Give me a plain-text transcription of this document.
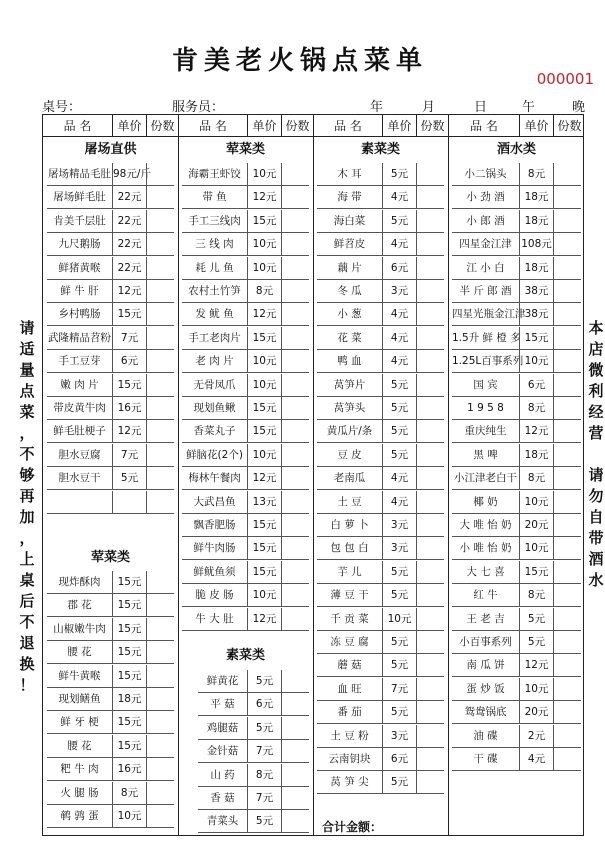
肯美老火锅点菜单
000001
桌号：	服务员：	年	月	日	午	晚
请
适
量
点
菜
，
不
够
再
加
，
上
桌
后
不
退
换
！
本
店
微
利
经
营
请
勿
自
带
酒
水
品 名	单价 份数	品 名	单价 份数	品 名	单价 份数	品 名	单价 份数
屠场直供
屠场精品毛肚 98元/斤
屠场鲜毛肚	22元
肯美千层肚	22元
九尺鹅肠	22元
鲜猪黄喉	22元
鲜 牛 肝	12元
乡村鸭肠	15元
武隆精品苕粉 7元
手工豆芽	6元
嫩 肉 片	15元
带皮黄牛肉	16元
鲜毛肚梗子	12元
胆水豆腐	7元
胆水豆干	5元
荤菜类
现炸酥肉	15元
郡 花	15元
山椒嫩牛肉	15元
腰 花	15元
鲜牛黄喉	15元
现划鳝鱼	18元
鲜 牙 梗	15元
腰 花	15元
粑 牛 肉	16元
火 腿 肠	8元
鹌 鹑 蛋	10元
荤菜类
海霸王虾饺	10元
带 鱼	12元
手工三线肉	15元
三 线 肉	10元
耗 儿 鱼	10元
农村土竹笋	8元
发 鱿 鱼	12元
手工老肉片	15元
老 肉 片	10元
无骨凤爪	10元
现划鱼鳅	15元
香菜丸子	15元
鲜脑花(2个) 10元
梅林午餐肉	12元
大武昌鱼	13元
飘香肥肠	15元
鲜牛肉肠	15元
鲜鱿鱼须	15元
脆 皮 肠	10元
牛 大 肚	12元
素菜类
鲜黄花	5元
平 菇	6元
鸡腿菇	5元
金针菇	7元
山 药	8元
香 菇	7元
青菜头	5元
素菜类
木 耳	5元
海 带	4元
海白菜	5元
鲜苕皮	4元
藕 片	6元
冬 瓜	3元
小 葱	4元
花 菜	4元
鸭 血	4元
莴笋片	5元
莴笋头	5元
黄瓜片/条	5元
豆 皮	5元
老南瓜	4元
土 豆	4元
白 萝 卜	3元
包 包 白	3元
芋 儿	5元
薄 豆 干	5元
千 贡 菜	10元
冻 豆 腐	5元
蘑 菇	5元
血 旺	7元
番 茄	5元
土 豆 粉	3元
云南钥块	6元
莴 笋 尖	5元
酒水类
小二锅头	8元
小 劲 酒	18元
小 郎 酒	18元
四星金江津 108元
江 小 白	18元
半 斤 郎 酒	38元
四星光瓶金江津 38元
1.5升 鲜 橙 多 15元
1.25L百事系列 10元
国 宾	6元
1 9 5 8	8元
重庆纯生	12元
黑 啤	18元
小江津老白干	8元
椰 奶	10元
大 唯 怡 奶	20元
小 唯 怡 奶	10元
大 七 喜	15元
红 牛	8元
王 老 吉	5元
小百事系列	5元
南 瓜 饼	12元
蛋 炒 饭	10元
鸳鸯锅底	20元
油 碟	2元
干 碟	4元
合计金额：
